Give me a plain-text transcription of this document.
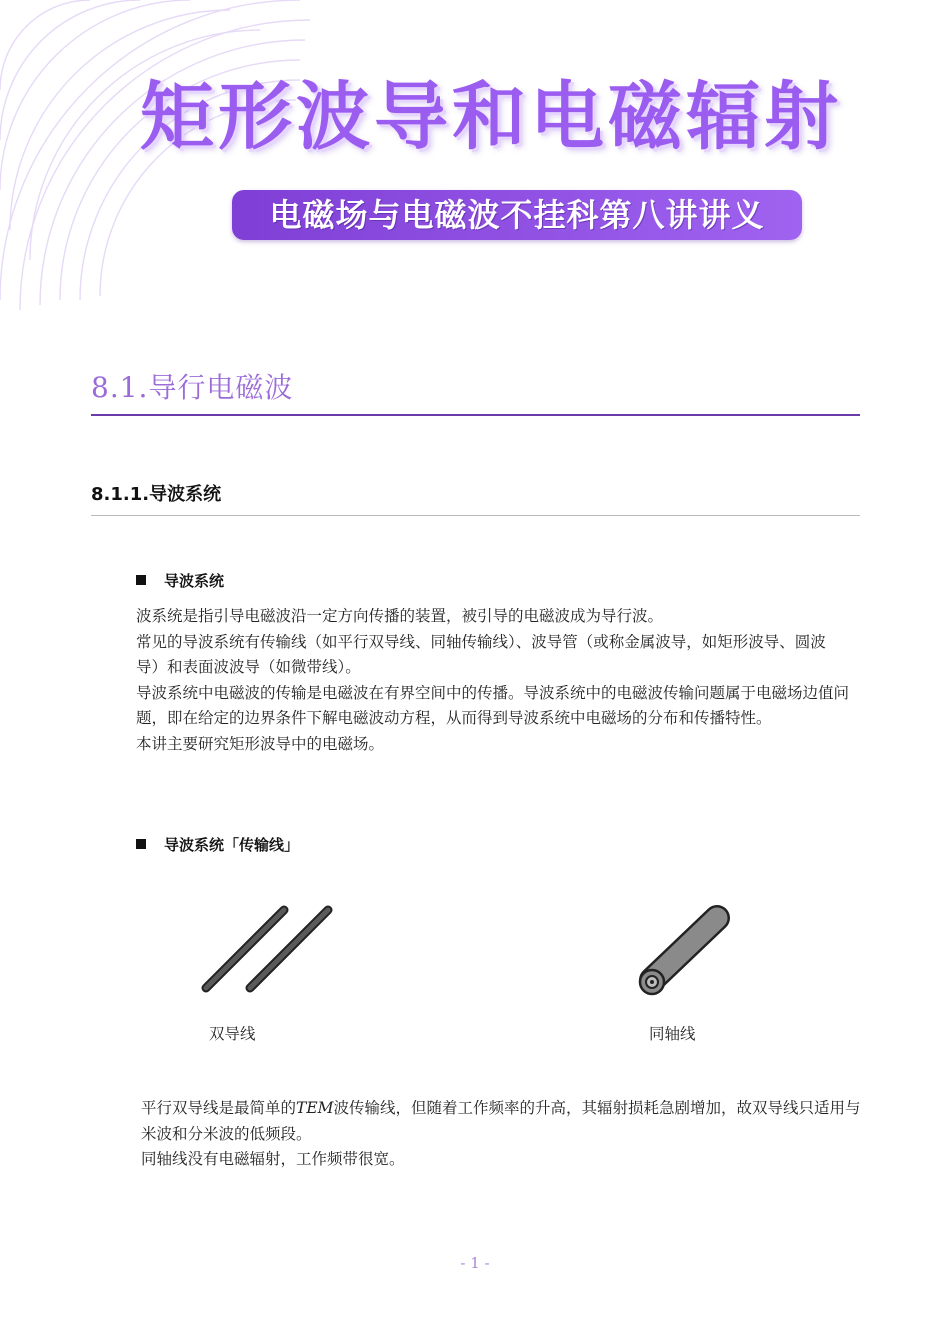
矩形波导和电磁辐射
电磁场与电磁波不挂科第八讲讲义
8.1.导行电磁波
8.1.1.导波系统
导波系统

波系统是指引导电磁波沿一定方向传播的装置，被引导的电磁波成为导行波。

常见的导波系统有传输线（如平行双导线、同轴传输线）、波导管（或称金属波导，如矩形波导、圆波导）和表面波波导（如微带线）。

导波系统中电磁波的传输是电磁波在有界空间中的传播。导波系统中的电磁波传输问题属于电磁场边值问题，即在给定的边界条件下解电磁波动方程，从而得到导波系统中电磁场的分布和传播特性。

本讲主要研究矩形波导中的电磁场。

导波系统「传输线」
双导线	同轴线

平行双导线是最简单的TEM波传输线，但随着工作频率的升高，其辐射损耗急剧增加，故双导线只适用与米波和分米波的低频段。

同轴线没有电磁辐射，工作频带很宽。

- 1 -
